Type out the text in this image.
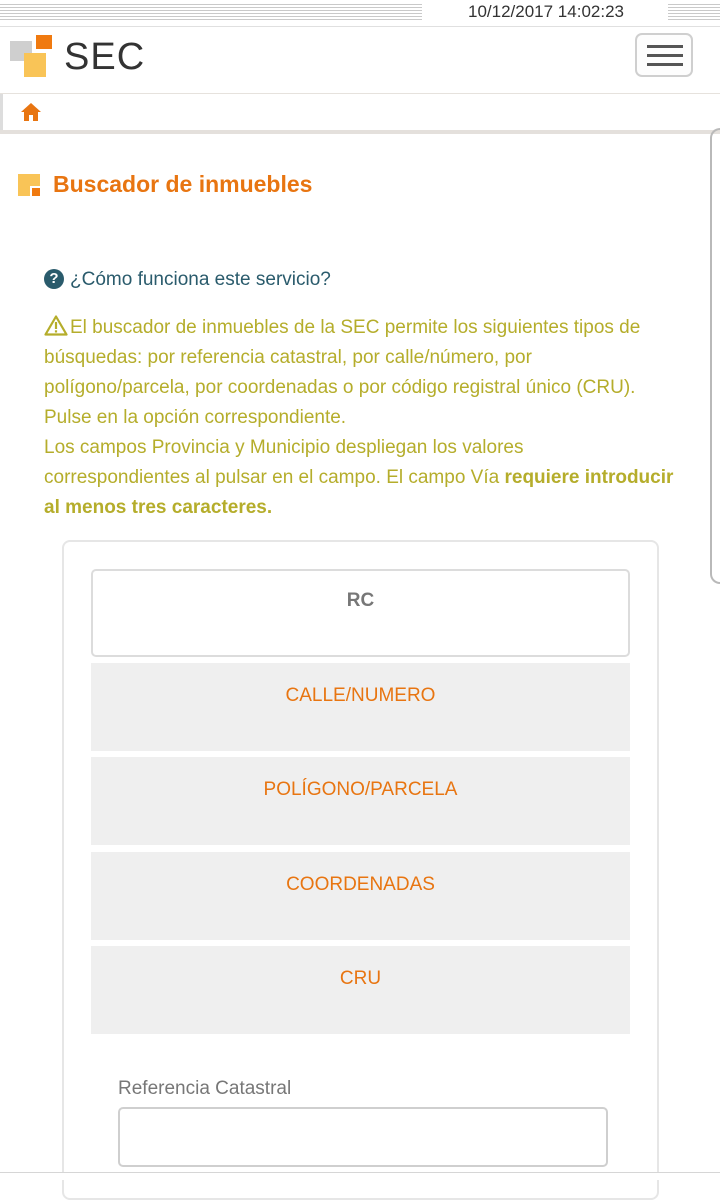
10/12/2017 14:02:23
SEC
Buscador de inmuebles
? ¿Cómo funciona este servicio?
El buscador de inmuebles de la SEC permite los siguientes tipos de búsquedas: por referencia catastral, por calle/número, por polígono/parcela, por coordenadas o por código registral único (CRU). Pulse en la opción correspondiente.
Los campos Provincia y Municipio despliegan los valores correspondientes al pulsar en el campo. El campo Vía requiere introducir al menos tres caracteres.
RC
CALLE/NUMERO
POLÍGONO/PARCELA
COORDENADAS
CRU
Referencia Catastral
